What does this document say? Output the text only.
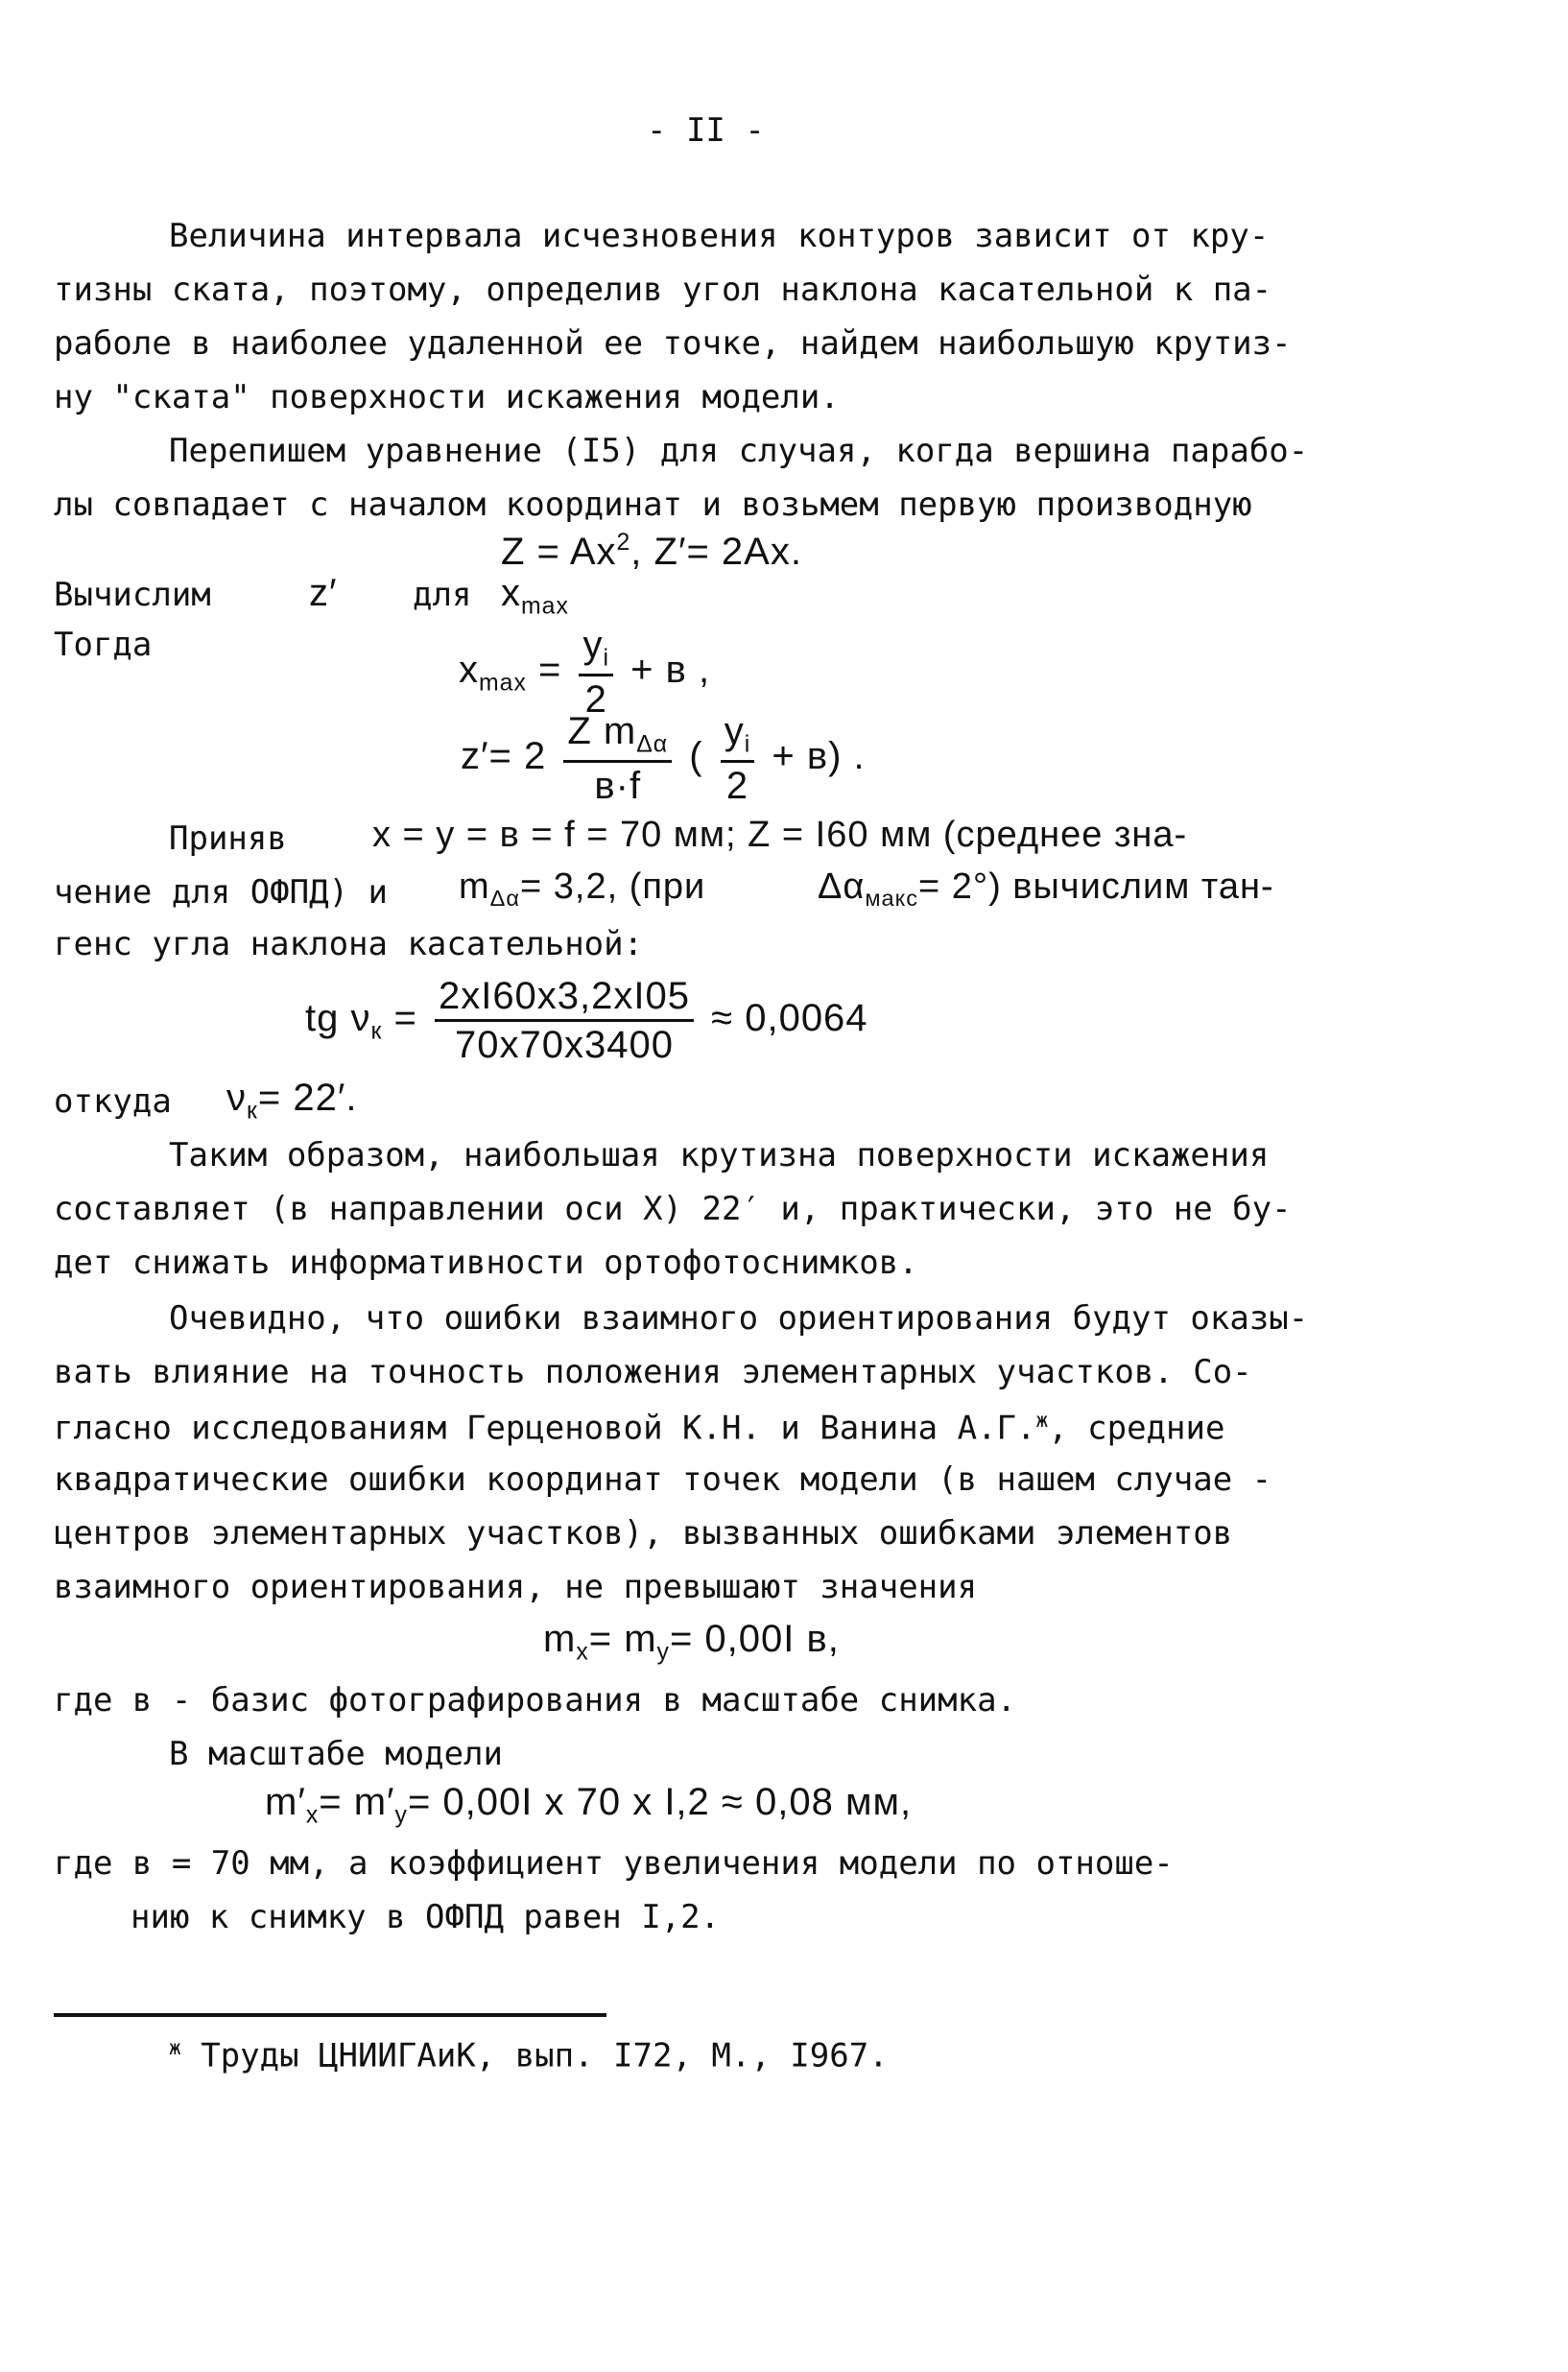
- II -
Величина интервала исчезновения контуров зависит от кру-
тизны ската, поэтому, определив угол наклона касательной к па-
раболе в наиболее удаленной ее точке, найдем наибольшую крутиз-
ну "ската" поверхности искажения модели.
Перепишем уравнение (I5) для случая, когда вершина парабо-
лы совпадает с началом координат и возьмем первую производную
$Z = Ax^2$, Z′= 2Ax.
Вычислим	z′ для $x_{max}$
Тогда
$x_{max} = \frac{y_i}{2} + в$ ,
$z'= 2 \frac{Z m_{\Delta\alpha}}{в\cdot f}$ ( $\frac{y_i}{2} + в$) .
Приняв x = y = в = f = 70 мм; Z = I60 мм (среднее зна-
чение для ОФПД) и $m_{\Delta\alpha}= 3,2$, (при	$\Delta\alpha_{макс}= 2^\circ$) вычислим тан-
генс угла наклона касательной:
tg $\nu_к = \frac{2xI60x3,2xI05}{70x70x3400} \approx 0,0064$
откуда $\nu_к= 22'$.
Таким образом, наибольшая крутизна поверхности искажения
составляет (в направлении оси X) 22′ и, практически, это не бу-
дет снижать информативности ортофотоснимков.
Очевидно, что ошибки взаимного ориентирования будут оказы-
вать влияние на точность положения элементарных участков. Со-
гласно исследованиям Герценовой К.Н. и Ванина А.Г.$^ж$, средние
квадратические ошибки координат точек модели (в нашем случае -
центров элементарных участков), вызванных ошибками элементов
взаимного ориентирования, не превышают значения
$m_x= m_y= 0,00I$ в,
где в - базис фотографирования в масштабе снимка.
В масштабе модели
$m'_x= m'_y= 0,00I$ x 70 x I,2 ≈ 0,08 мм,
где в = 70 мм, а коэффициент увеличения модели по отноше-
нию к снимку в ОФПД равен I,2.
$^ж$ Труды ЦНИИГАиК, вып. I72, М., I967.
